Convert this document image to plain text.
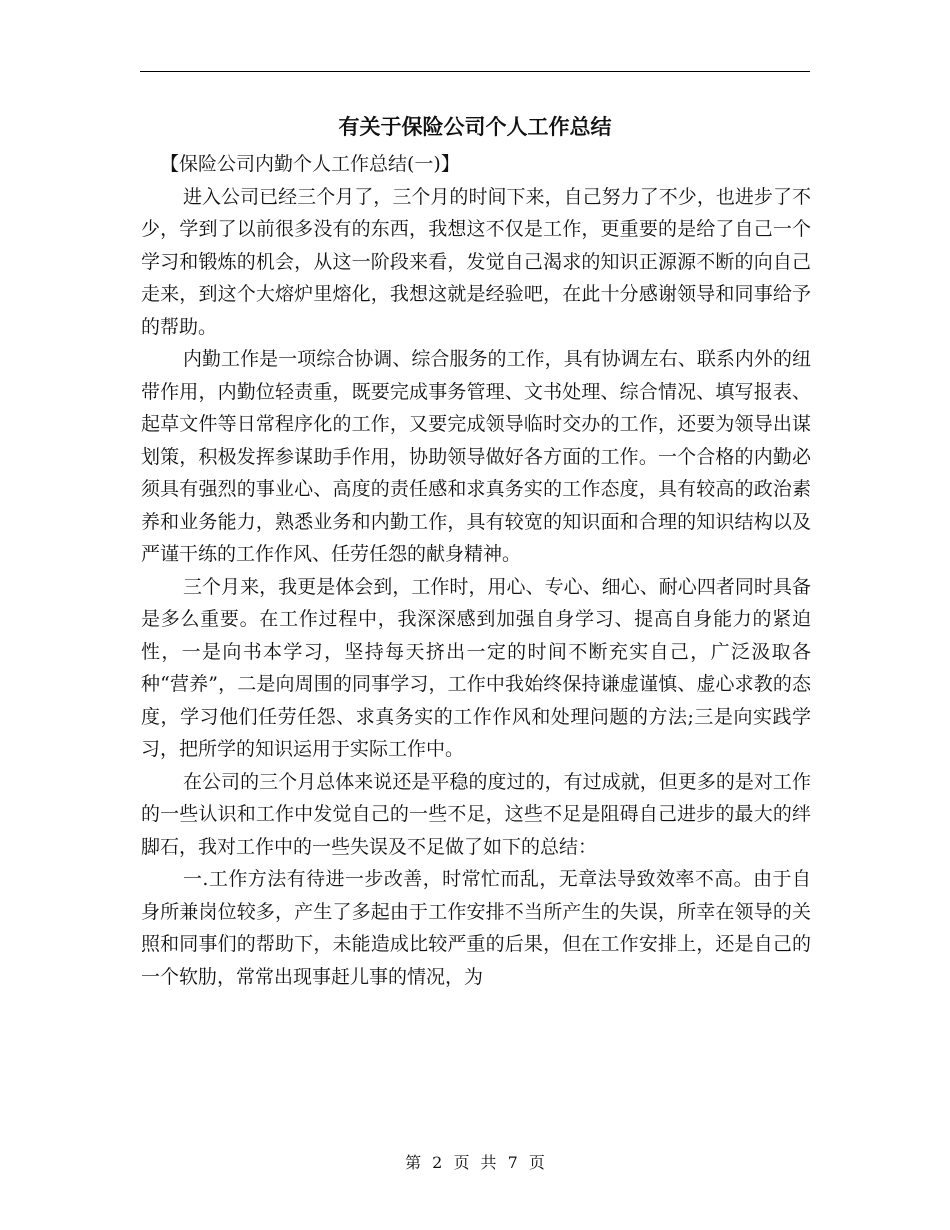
有关于保险公司个人工作总结

【保险公司内勤个人工作总结(一)】

进入公司已经三个月了，三个月的时间下来，自己努力了不少，也进步了不少，学到了以前很多没有的东西，我想这不仅是工作，更重要的是给了自己一个学习和锻炼的机会，从这一阶段来看，发觉自己渴求的知识正源源不断的向自己走来，到这个大熔炉里熔化，我想这就是经验吧，在此十分感谢领导和同事给予的帮助。

内勤工作是一项综合协调、综合服务的工作，具有协调左右、联系内外的纽带作用，内勤位轻责重，既要完成事务管理、文书处理、综合情况、填写报表、起草文件等日常程序化的工作，又要完成领导临时交办的工作，还要为领导出谋划策，积极发挥参谋助手作用，协助领导做好各方面的工作。一个合格的内勤必须具有强烈的事业心、高度的责任感和求真务实的工作态度，具有较高的政治素养和业务能力，熟悉业务和内勤工作，具有较宽的知识面和合理的知识结构以及严谨干练的工作作风、任劳任怨的献身精神。

三个月来，我更是体会到，工作时，用心、专心、细心、耐心四者同时具备是多么重要。在工作过程中，我深深感到加强自身学习、提高自身能力的紧迫性，一是向书本学习，坚持每天挤出一定的时间不断充实自己，广泛汲取各种“营养”，二是向周围的同事学习，工作中我始终保持谦虚谨慎、虚心求教的态度，学习他们任劳任怨、求真务实的工作作风和处理问题的方法;三是向实践学习，把所学的知识运用于实际工作中。

在公司的三个月总体来说还是平稳的度过的，有过成就，但更多的是对工作的一些认识和工作中发觉自己的一些不足，这些不足是阻碍自己进步的最大的绊脚石，我对工作中的一些失误及不足做了如下的总结：

一.工作方法有待进一步改善，时常忙而乱，无章法导致效率不高。由于自身所兼岗位较多，产生了多起由于工作安排不当所产生的失误，所幸在领导的关照和同事们的帮助下，未能造成比较严重的后果，但在工作安排上，还是自己的一个软肋，常常出现事赶儿事的情况，为

第 2 页 共 7 页
